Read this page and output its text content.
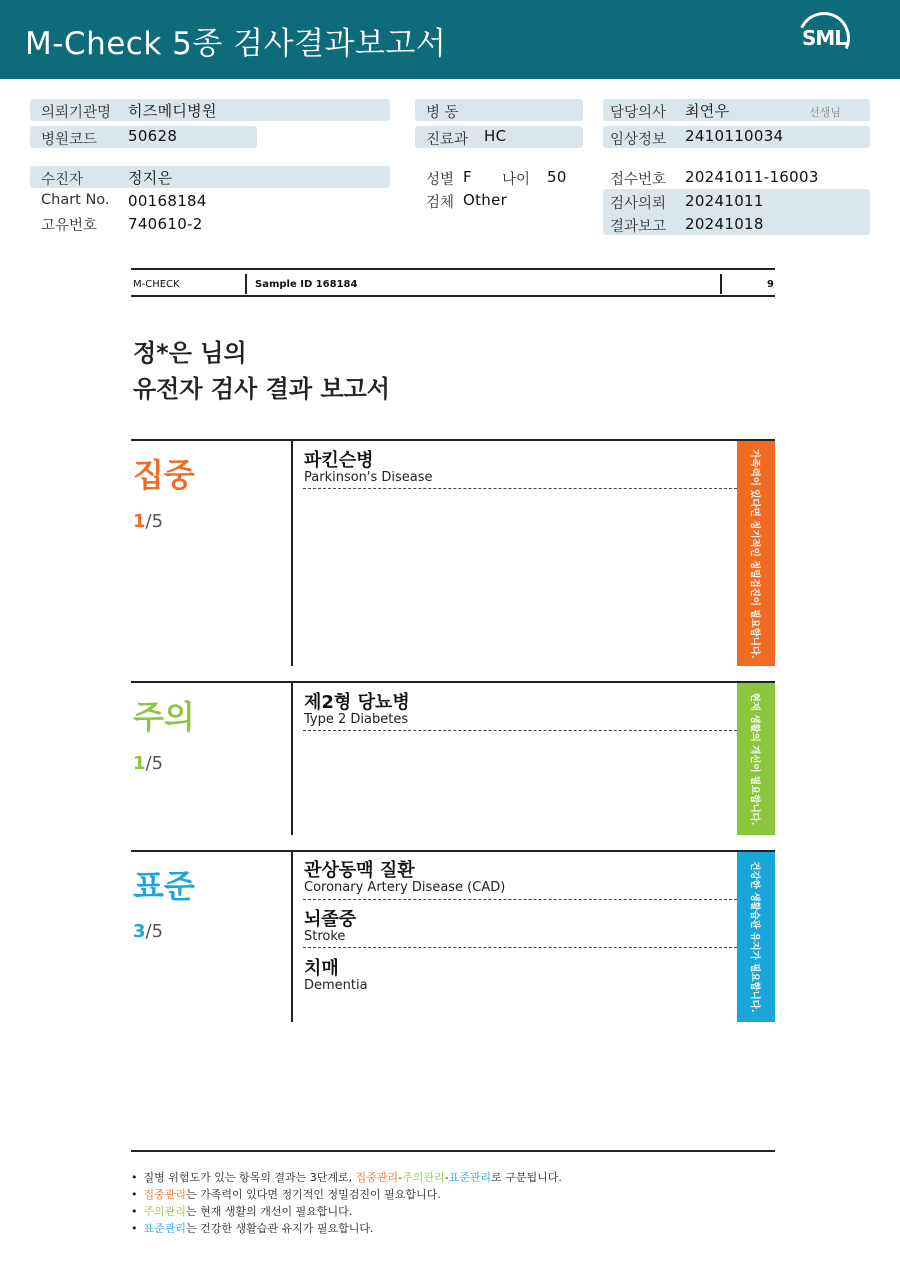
M-Check 5종 검사결과보고서	SML
의뢰기관명 히즈메디병원
병원코드 50628
수진자	정지은
Chart No. 00168184
고유번호 740610-2
병 동
진료과 HC
성별 F 나이 50
검체 Other
담당의사 최연우	선생님
임상정보 2410110034
접수번호 20241011-16003
검사의뢰 20241011
결과보고 20241018
M-CHECK	Sample ID 168184	9
정*은 님의
유전자 검사 결과 보고서
집중
1/5
파킨슨병
Parkinson's Disease	가족력이 있다면 정기적인 정밀검진이 필요합니다.
주의
1/5
제2형 당뇨병
Type 2 Diabetes	현재 생활의 개선이 필요합니다.
표준
3/5
관상동맥 질환
Coronary Artery Disease (CAD)
뇌졸중
Stroke
치매
Dementia	건강한 생활습관 유지가 필요합니다.
• 질병 위험도가 있는 항목의 결과는 3단계로, 집중관리-주의관리-표준관리로 구분됩니다.
• 집중관리는 가족력이 있다면 정기적인 정밀검진이 필요합니다.
• 주의관리는 현재 생활의 개선이 필요합니다.
• 표준관리는 건강한 생활습관 유지가 필요합니다.
